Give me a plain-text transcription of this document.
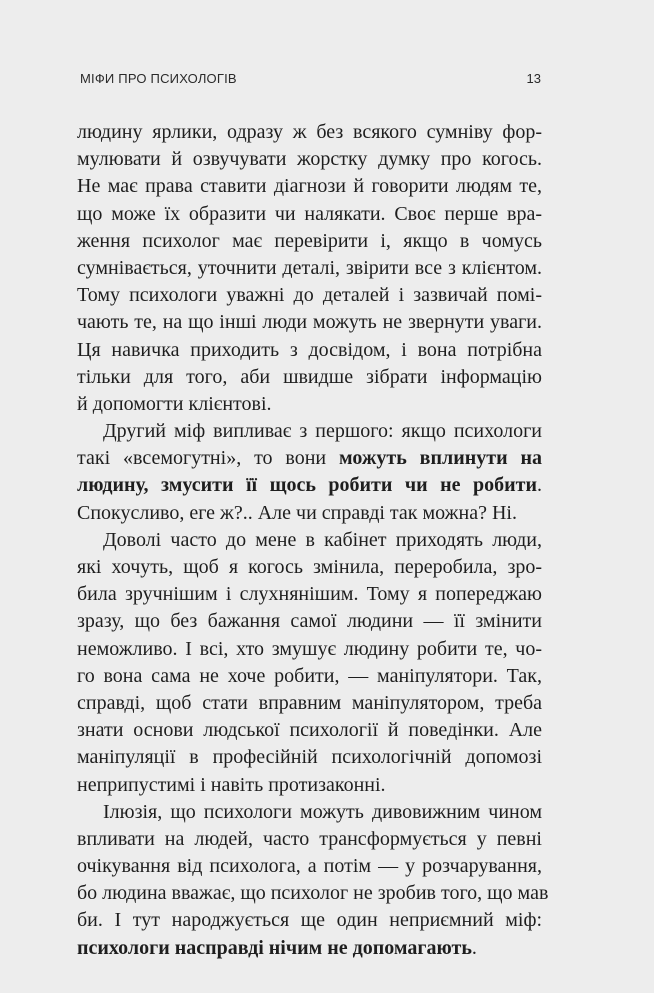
МІФИ ПРО ПСИХОЛОГІВ	13
людину ярлики, одразу ж без всякого сумніву фор-
мулювати й озвучувати жорстку думку про когось.
Не має права ставити діагнози й говорити людям те,
що може їх образити чи налякати. Своє перше вра-
ження психолог має перевірити і, якщо в чомусь
сумнівається, уточнити деталі, звірити все з клієнтом.
Тому психологи уважні до деталей і зазвичай помі-
чають те, на що інші люди можуть не звернути уваги.
Ця навичка приходить з досвідом, і вона потрібна
тільки для того, аби швидше зібрати інформацію
й допомогти клієнтові.
Другий міф випливає з першого: якщо психологи
такі «всемогутні», то вони можуть вплинути на
людину, змусити її щось робити чи не робити.
Спокусливо, еге ж?.. Але чи справді так можна? Ні.
Доволі часто до мене в кабінет приходять люди,
які хочуть, щоб я когось змінила, переробила, зро-
била зручнішим і слухнянішим. Тому я попереджаю
зразу, що без бажання самої людини — її змінити
неможливо. І всі, хто змушує людину робити те, чо-
го вона сама не хоче робити, — маніпулятори. Так,
справді, щоб стати вправним маніпулятором, треба
знати основи людської психології й поведінки. Але
маніпуляції в професійній психологічній допомозі
неприпустимі і навіть протизаконні.
Ілюзія, що психологи можуть дивовижним чином
впливати на людей, часто трансформується у певні
очікування від психолога, а потім — у розчарування,
бо людина вважає, що психолог не зробив того, що мав
би. І тут народжується ще один неприємний міф:
психологи насправді нічим не допомагають.
